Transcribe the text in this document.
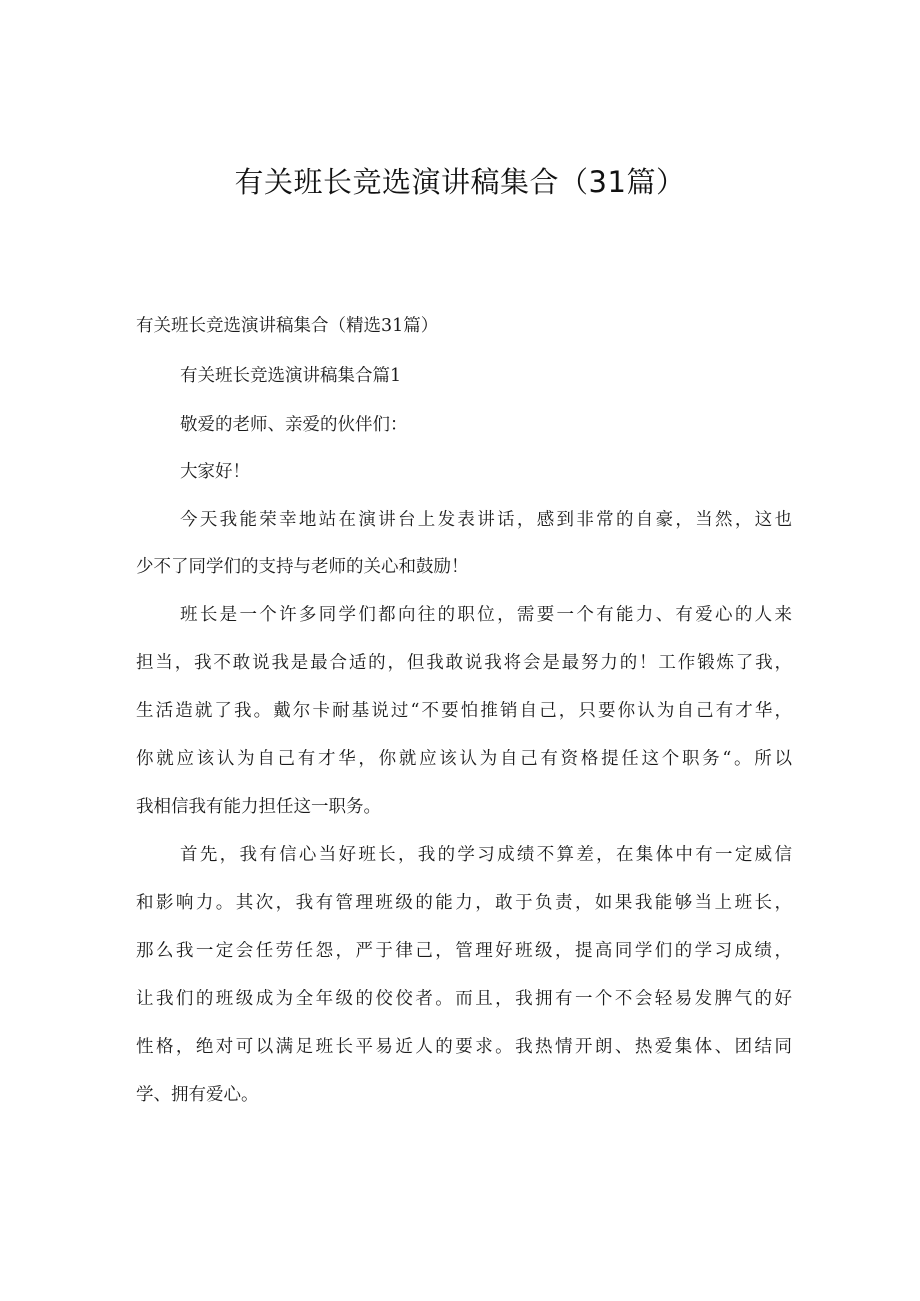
有关班长竞选演讲稿集合（31篇）
有关班长竞选演讲稿集合（精选31篇）
有关班长竞选演讲稿集合篇1
敬爱的老师、亲爱的伙伴们：
大家好！
今天我能荣幸地站在演讲台上发表讲话，感到非常的自豪，当然，这也
少不了同学们的支持与老师的关心和鼓励！
班长是一个许多同学们都向往的职位，需要一个有能力、有爱心的人来
担当，我不敢说我是最合适的，但我敢说我将会是最努力的！工作锻炼了我，
生活造就了我。戴尔卡耐基说过“不要怕推销自己，只要你认为自己有才华，
你就应该认为自己有才华，你就应该认为自己有资格提任这个职务“。所以
我相信我有能力担任这一职务。
首先，我有信心当好班长，我的学习成绩不算差，在集体中有一定威信
和影响力。其次，我有管理班级的能力，敢于负责，如果我能够当上班长，
那么我一定会任劳任怨，严于律己，管理好班级，提高同学们的学习成绩，
让我们的班级成为全年级的佼佼者。而且，我拥有一个不会轻易发脾气的好
性格，绝对可以满足班长平易近人的要求。我热情开朗、热爱集体、团结同
学、拥有爱心。
